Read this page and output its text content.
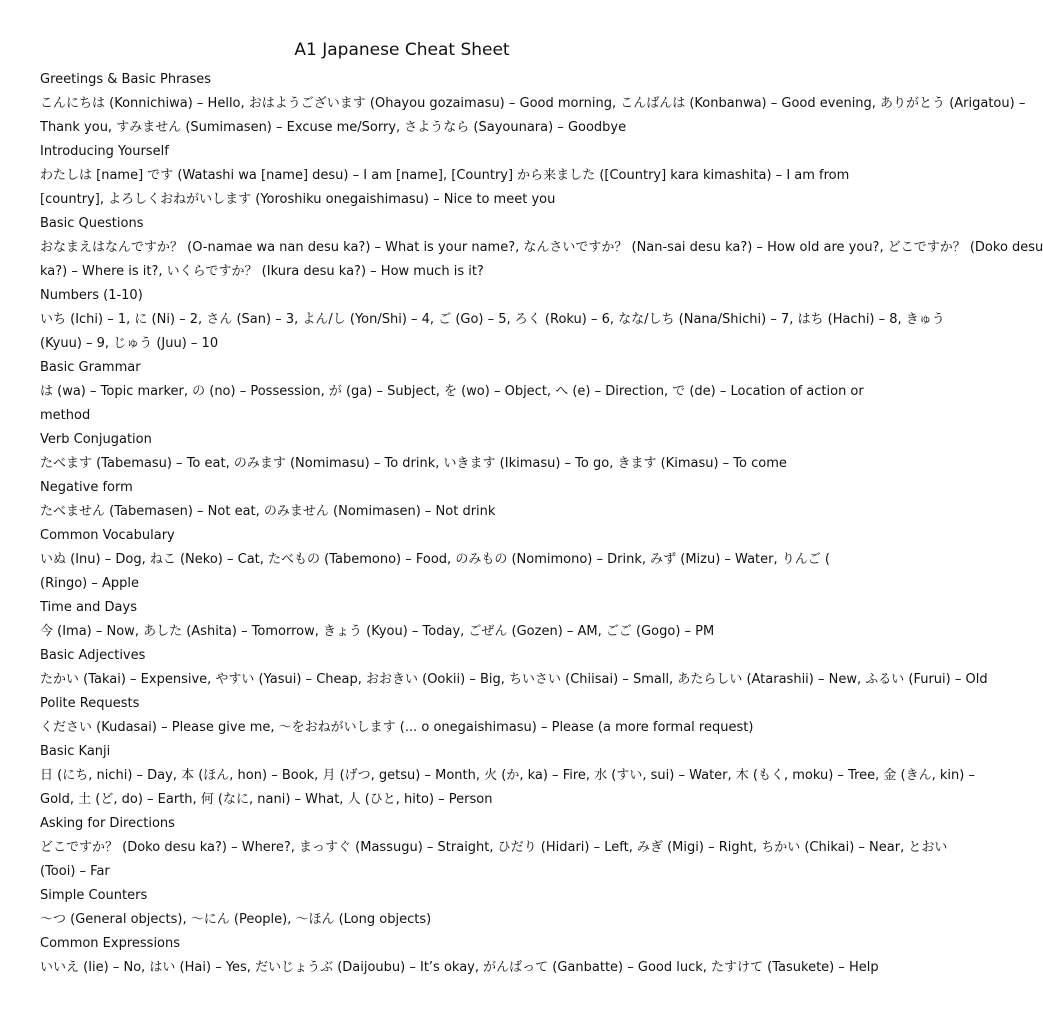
A1 Japanese Cheat Sheet
Greetings & Basic Phrases
こんにちは (Konnichiwa) – Hello, おはようございます (Ohayou gozaimasu) – Good morning, こんばんは (Konbanwa) – Good evening, ありがとう (Arigatou) –
Thank you, すみません (Sumimasen) – Excuse me/Sorry, さようなら (Sayounara) – Goodbye
Introducing Yourself
わたしは [name] です (Watashi wa [name] desu) – I am [name], [Country] から来ました ([Country] kara kimashita) – I am from
[country], よろしくおねがいします (Yoroshiku onegaishimasu) – Nice to meet you
Basic Questions
おなまえはなんですか？ (O-namae wa nan desu ka?) – What is your name?, なんさいですか？ (Nan-sai desu ka?) – How old are you?, どこですか？ (Doko desu
ka?) – Where is it?, いくらですか？ (Ikura desu ka?) – How much is it?
Numbers (1-10)
いち (Ichi) – 1, に (Ni) – 2, さん (San) – 3, よん/し (Yon/Shi) – 4, ご (Go) – 5, ろく (Roku) – 6, なな/しち (Nana/Shichi) – 7, はち (Hachi) – 8, きゅう
(Kyuu) – 9, じゅう (Juu) – 10
Basic Grammar
は (wa) – Topic marker, の (no) – Possession, が (ga) – Subject, を (wo) – Object, へ (e) – Direction, で (de) – Location of action or
method
Verb Conjugation
たべます (Tabemasu) – To eat, のみます (Nomimasu) – To drink, いきます (Ikimasu) – To go, きます (Kimasu) – To come
Negative form
たべません (Tabemasen) – Not eat, のみません (Nomimasen) – Not drink
Common Vocabulary
いぬ (Inu) – Dog, ねこ (Neko) – Cat, たべもの (Tabemono) – Food, のみもの (Nomimono) – Drink, みず (Mizu) – Water, りんご (
(Ringo) – Apple
Time and Days
今 (Ima) – Now, あした (Ashita) – Tomorrow, きょう (Kyou) – Today, ごぜん (Gozen) – AM, ごご (Gogo) – PM
Basic Adjectives
たかい (Takai) – Expensive, やすい (Yasui) – Cheap, おおきい (Ookii) – Big, ちいさい (Chiisai) – Small, あたらしい (Atarashii) – New, ふるい (Furui) – Old
Polite Requests
ください (Kudasai) – Please give me, 〜をおねがいします (... o onegaishimasu) – Please (a more formal request)
Basic Kanji
日 (にち, nichi) – Day, 本 (ほん, hon) – Book, 月 (げつ, getsu) – Month, 火 (か, ka) – Fire, 水 (すい, sui) – Water, 木 (もく, moku) – Tree, 金 (きん, kin) –
Gold, 土 (ど, do) – Earth, 何 (なに, nani) – What, 人 (ひと, hito) – Person
Asking for Directions
どこですか？ (Doko desu ka?) – Where?, まっすぐ (Massugu) – Straight, ひだり (Hidari) – Left, みぎ (Migi) – Right, ちかい (Chikai) – Near, とおい
(Tooi) – Far
Simple Counters
〜つ (General objects), 〜にん (People), 〜ほん (Long objects)
Common Expressions
いいえ (Iie) – No, はい (Hai) – Yes, だいじょうぶ (Daijoubu) – It’s okay, がんばって (Ganbatte) – Good luck, たすけて (Tasukete) – Help
